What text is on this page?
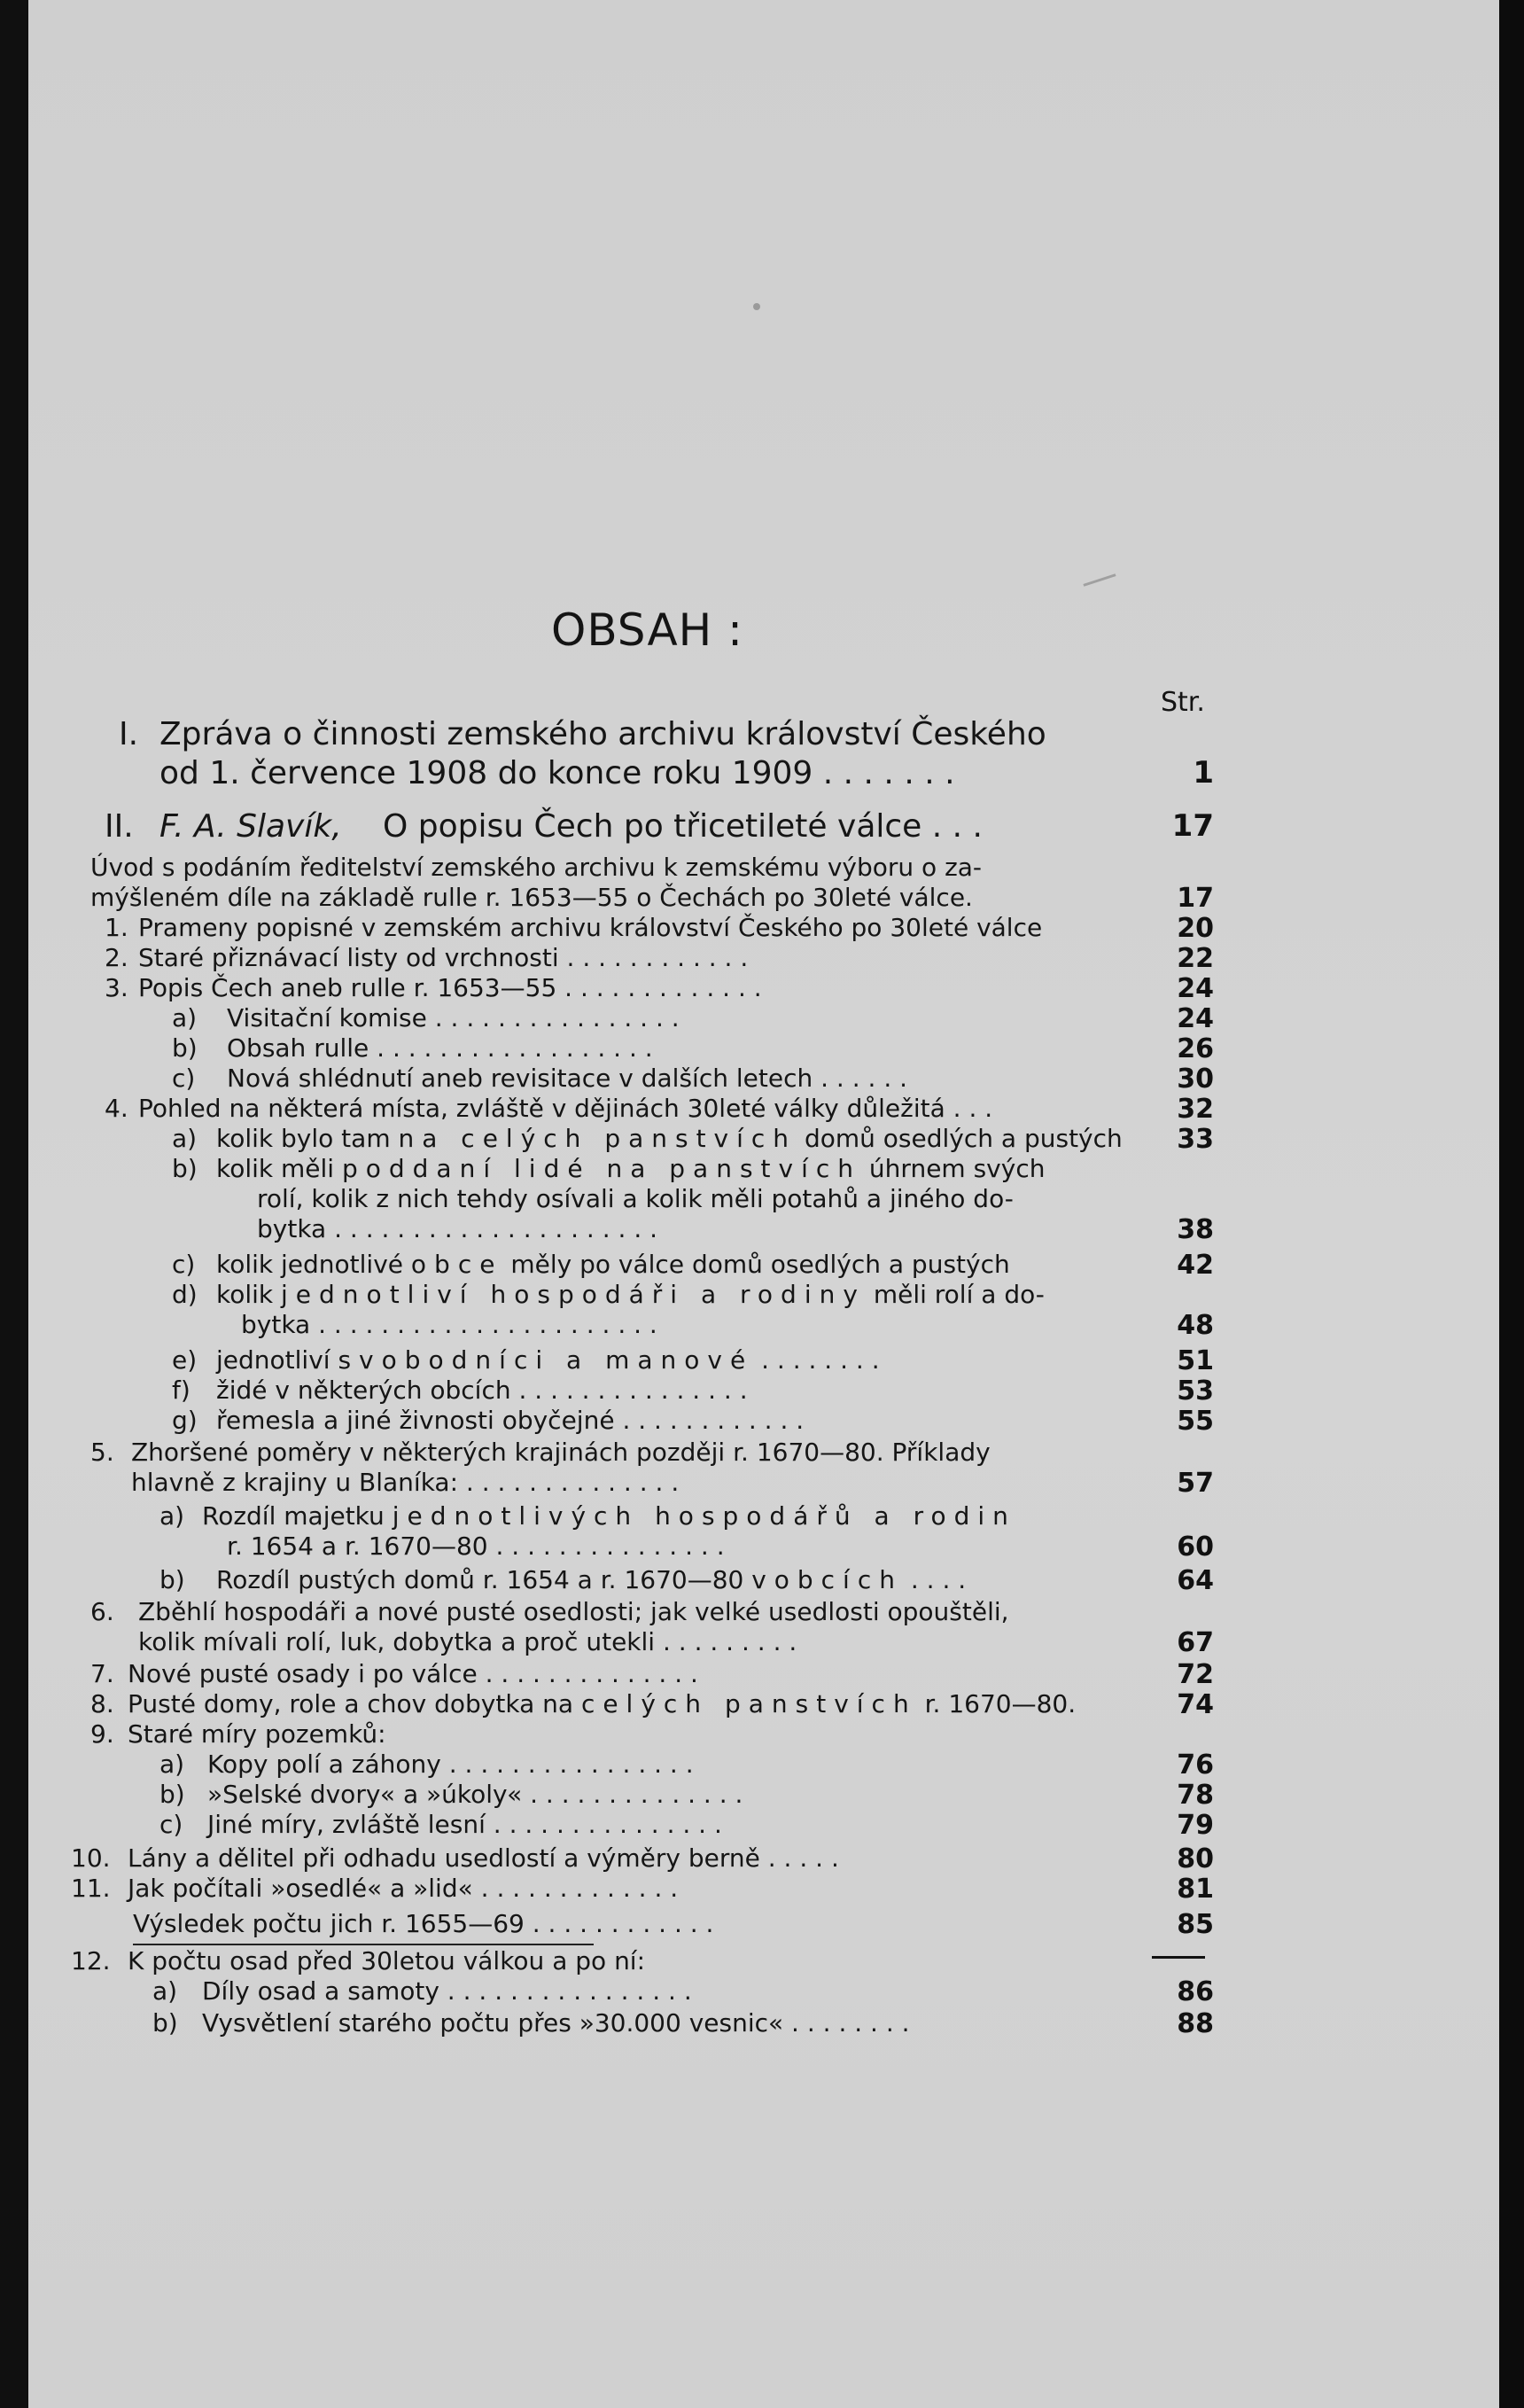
OBSAH :
Str.
I. Zpráva o činnosti zemského archivu království Českého
od 1. července 1908 do konce roku 1909 . . . . . . .	1
II. F. A. Slavík, O popisu Čech po třicetileté válce . . .	17
Úvod s podáním ředitelství zemského archivu k zemskému výboru o za-
mýšleném díle na základě rulle r. 1653—55 o Čechách po 30leté válce.	17
1. Prameny popisné v zemském archivu království Českého po 30leté válce	20
2. Staré přiznávací listy od vrchnosti . . . . . . . . . . . .	22
3. Popis Čech aneb rulle r. 1653—55 . . . . . . . . . . . . .	24
a) Visitační komise . . . . . . . . . . . . . . . .	24
b) Obsah rulle . . . . . . . . . . . . . . . . . .	26
c) Nová shlédnutí aneb revisitace v dalších letech . . . . . .	30
4. Pohled na některá místa, zvláště v dějinách 30leté války důležitá . . .	32
a) kolik bylo tam na celých panstvích domů osedlých a pustých	33
b) kolik měli poddaní lidé na panstvích úhrnem svých
rolí, kolik z nich tehdy osívali a kolik měli potahů a jiného do-
bytka . . . . . . . . . . . . . . . . . . . . .	38
c) kolik jednotlivé obce měly po válce domů osedlých a pustých	42
d) kolik jednotliví hospodáři a rodiny měli rolí a do-
bytka . . . . . . . . . . . . . . . . . . . . . .	48
e) jednotliví svobodníci a manové . . . . . . . .	51
f) židé v některých obcích . . . . . . . . . . . . . . .	53
g) řemesla a jiné živnosti obyčejné . . . . . . . . . . . .	55
5. Zhoršené poměry v některých krajinách později r. 1670—80. Příklady
hlavně z krajiny u Blaníka: . . . . . . . . . . . . . .	57
a) Rozdíl majetku jednotlivých hospodářů a rodin
r. 1654 a r. 1670—80 . . . . . . . . . . . . . . .	60
b) Rozdíl pustých domů r. 1654 a r. 1670—80 v obcích . . . .	64
6. Zběhlí hospodáři a nové pusté osedlosti; jak velké usedlosti opouštěli,
kolik mívali rolí, luk, dobytka a proč utekli . . . . . . . . .	67
7. Nové pusté osady i po válce . . . . . . . . . . . . . .	72
8. Pusté domy, role a chov dobytka na celých panstvích r. 1670—80.	74
9. Staré míry pozemků:
a) Kopy polí a záhony . . . . . . . . . . . . . . . .	76
b) »Selské dvory« a »úkoly« . . . . . . . . . . . . . .	78
c) Jiné míry, zvláště lesní . . . . . . . . . . . . . . .	79
10. Lány a dělitel při odhadu usedlostí a výměry berně . . . . .	80
11. Jak počítali »osedlé« a »lid« . . . . . . . . . . . . .	81
Výsledek počtu jich r. 1655—69 . . . . . . . . . . . .	85
12. K počtu osad před 30letou válkou a po ní:
a) Díly osad a samoty . . . . . . . . . . . . . . . .	86
b) Vysvětlení starého počtu přes »30.000 vesnic« . . . . . . . .	88
